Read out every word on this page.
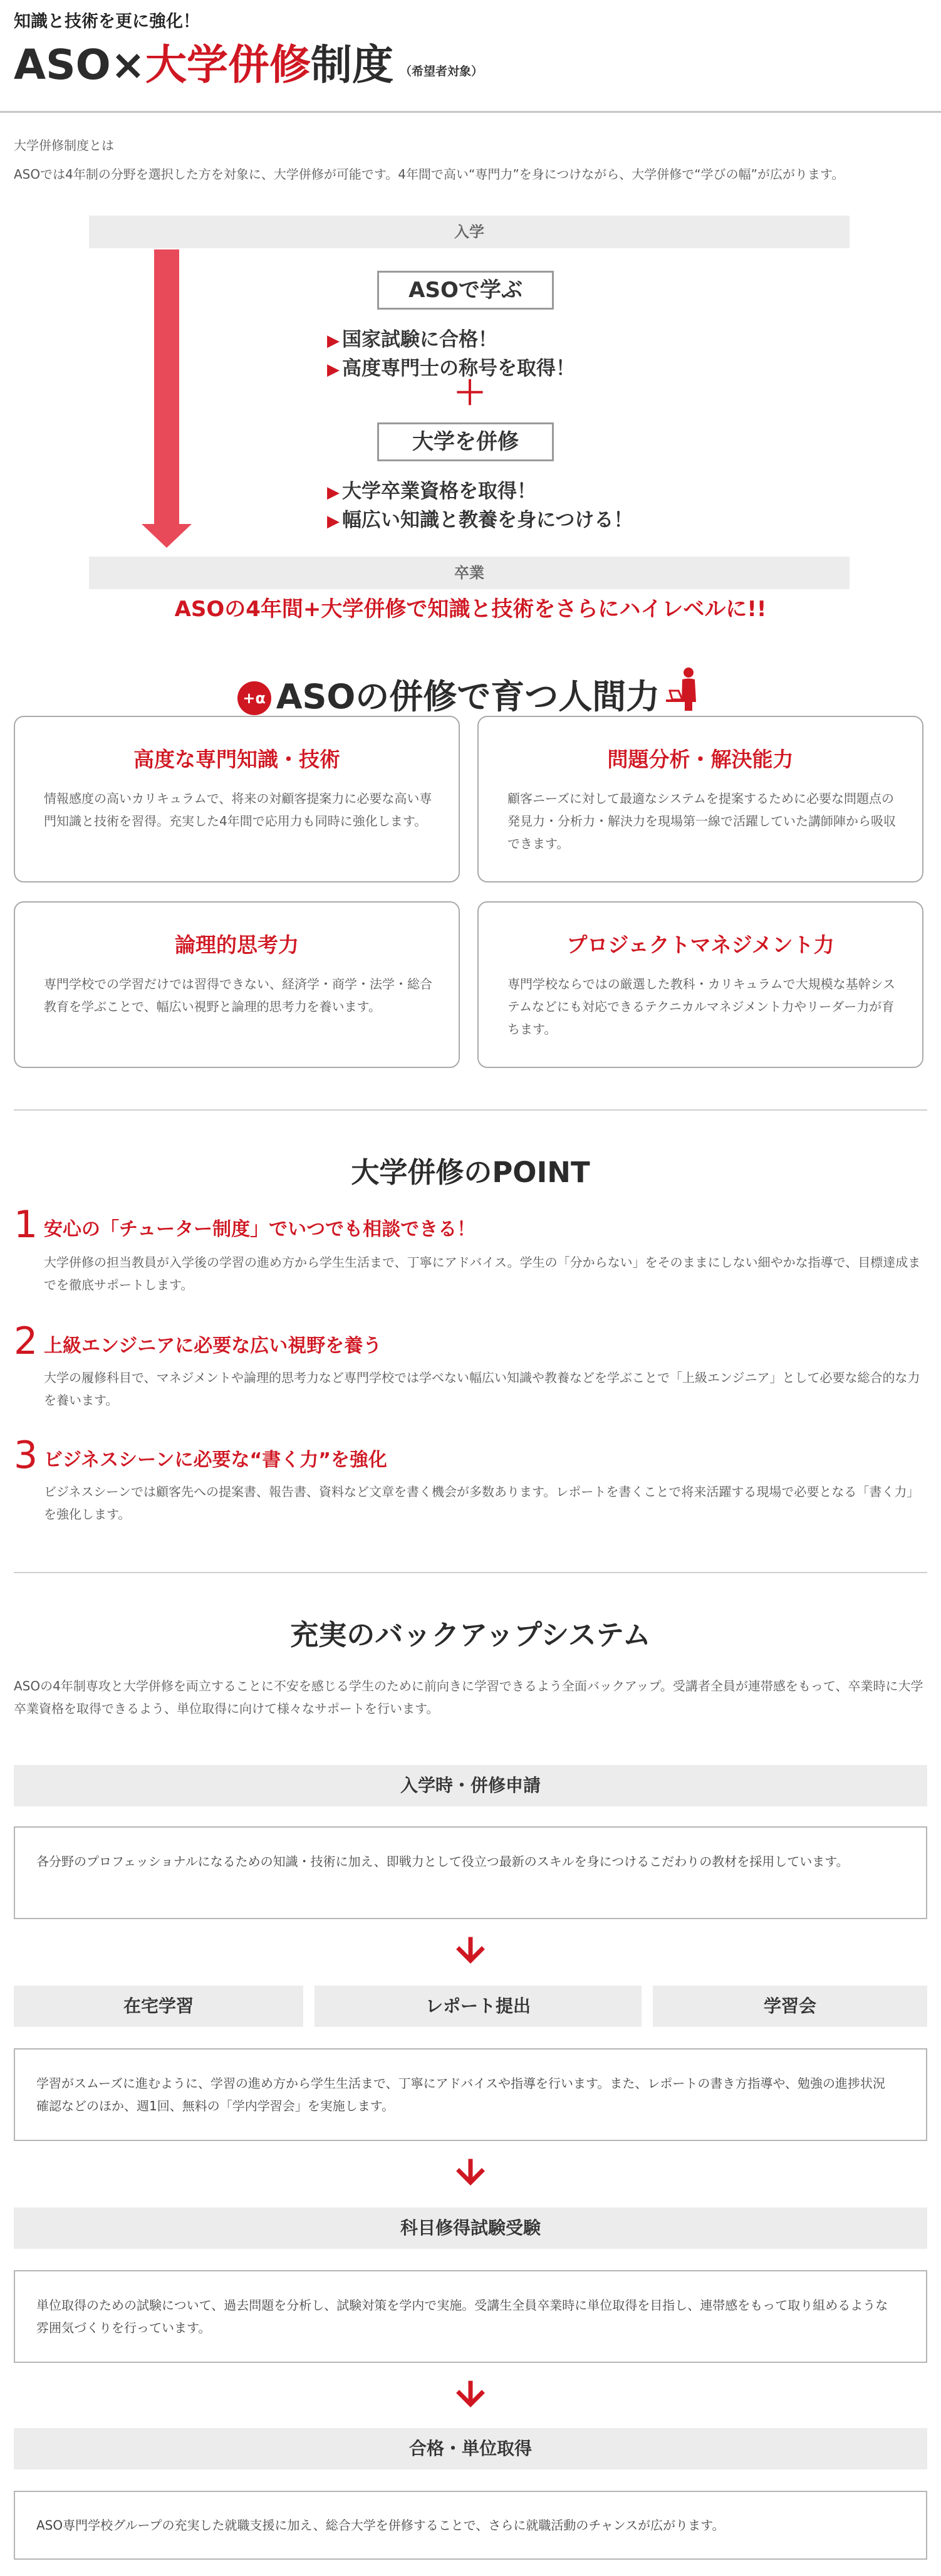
知識と技術を更に強化！
ASO×大学併修制度 （希望者対象）
大学併修制度とは
ASOでは4年制の分野を選択した方を対象に、大学併修が可能です。4年間で高い“専門力”を身につけながら、大学併修で“学びの幅”が広がります。
入学
ASOで学ぶ
▶ 国家試験に合格！
▶ 高度専門士の称号を取得！
＋
大学を併修
▶ 大学卒業資格を取得！
▶ 幅広い知識と教養を身につける！
卒業
ASOの4年間+大学併修で知識と技術をさらにハイレベルに!!
+α ASOの併修で育つ人間力
高度な専門知識・技術
情報感度の高いカリキュラムで、将来の対顧客提案力に必要な高い専門知識と技術を習得。充実した4年間で応用力も同時に強化します。
問題分析・解決能力
顧客ニーズに対して最適なシステムを提案するために必要な問題点の発見力・分析力・解決力を現場第一線で活躍していた講師陣から吸収できます。
論理的思考力
専門学校での学習だけでは習得できない、経済学・商学・法学・総合教育を学ぶことで、幅広い視野と論理的思考力を養います。
プロジェクトマネジメント力
専門学校ならではの厳選した教科・カリキュラムで大規模な基幹システムなどにも対応できるテクニカルマネジメント力やリーダー力が育ちます。
大学併修のPOINT
1 安心の「チューター制度」でいつでも相談できる！
大学併修の担当教員が入学後の学習の進め方から学生生活まで、丁寧にアドバイス。学生の「分からない」をそのままにしない細やかな指導で、目標達成までを徹底サポートします。
2 上級エンジニアに必要な広い視野を養う
大学の履修科目で、マネジメントや論理的思考力など専門学校では学べない幅広い知識や教養などを学ぶことで「上級エンジニア」として必要な総合的な力を養います。
3 ビジネスシーンに必要な“書く力”を強化
ビジネスシーンでは顧客先への提案書、報告書、資料など文章を書く機会が多数あります。レポートを書くことで将来活躍する現場で必要となる「書く力」を強化します。
充実のバックアップシステム
ASOの4年制専攻と大学併修を両立することに不安を感じる学生のために前向きに学習できるよう全面バックアップ。受講者全員が連帯感をもって、卒業時に大学卒業資格を取得できるよう、単位取得に向けて様々なサポートを行います。
入学時・併修申請
各分野のプロフェッショナルになるための知識・技術に加え、即戦力として役立つ最新のスキルを身につけるこだわりの教材を採用しています。
在宅学習	レポート提出	学習会
学習がスムーズに進むように、学習の進め方から学生生活まで、丁寧にアドバイスや指導を行います。また、レポートの書き方指導や、勉強の進捗状況確認などのほか、週1回、無料の「学内学習会」を実施します。
科目修得試験受験
単位取得のための試験について、過去問題を分析し、試験対策を学内で実施。受講生全員卒業時に単位取得を目指し、連帯感をもって取り組めるような雰囲気づくりを行っています。
合格・単位取得
ASO専門学校グループの充実した就職支援に加え、総合大学を併修することで、さらに就職活動のチャンスが広がります。
